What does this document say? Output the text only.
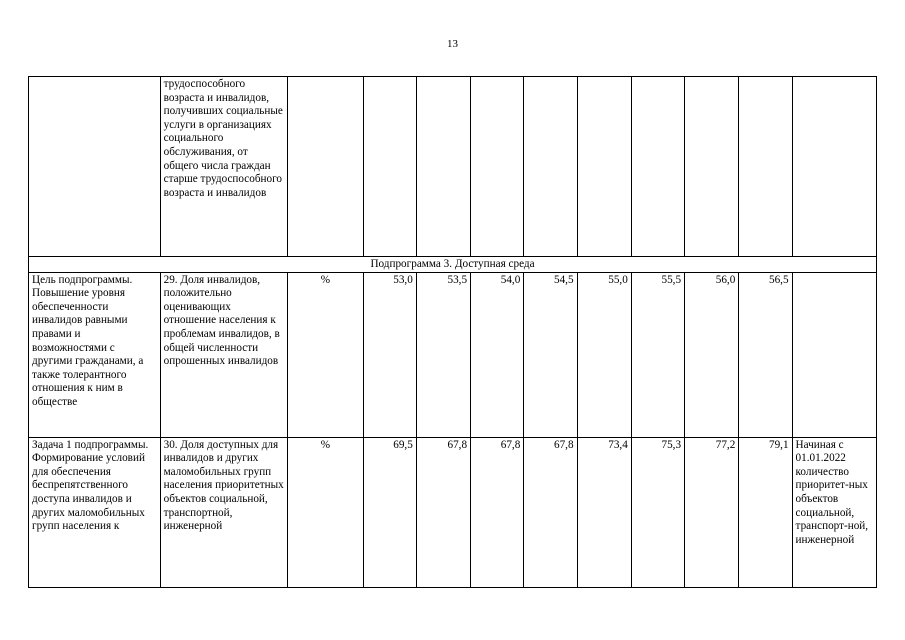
13
	трудоспособного возраста и инвалидов, получивших социальные услуги в организациях социального обслуживания, от общего числа граждан старше трудоспособного возраста и инвалидов										
Подпрограмма 3. Доступная среда											
Цель подпрограммы. Повышение уровня обеспеченности инвалидов равными правами и возможностями с другими гражданами, а также толерантного отношения к ним в обществе	29. Доля инвалидов, положительно оценивающих отношение населения к проблемам инвалидов, в общей численности опрошенных инвалидов	%	53,0	53,5	54,0	54,5	55,0	55,5	56,0	56,5	
Задача 1 подпрограммы. Формирование условий для обеспечения беспрепятственного доступа инвалидов и других маломобильных групп населения к	30. Доля доступных для инвалидов и других маломобильных групп населения приоритетных объектов социальной, транспортной, инженерной	%	69,5	67,8	67,8	67,8	73,4	75,3	77,2	79,1	Начиная с 01.01.2022 количество приоритет-ных объектов социальной, транспорт-ной, инженерной
